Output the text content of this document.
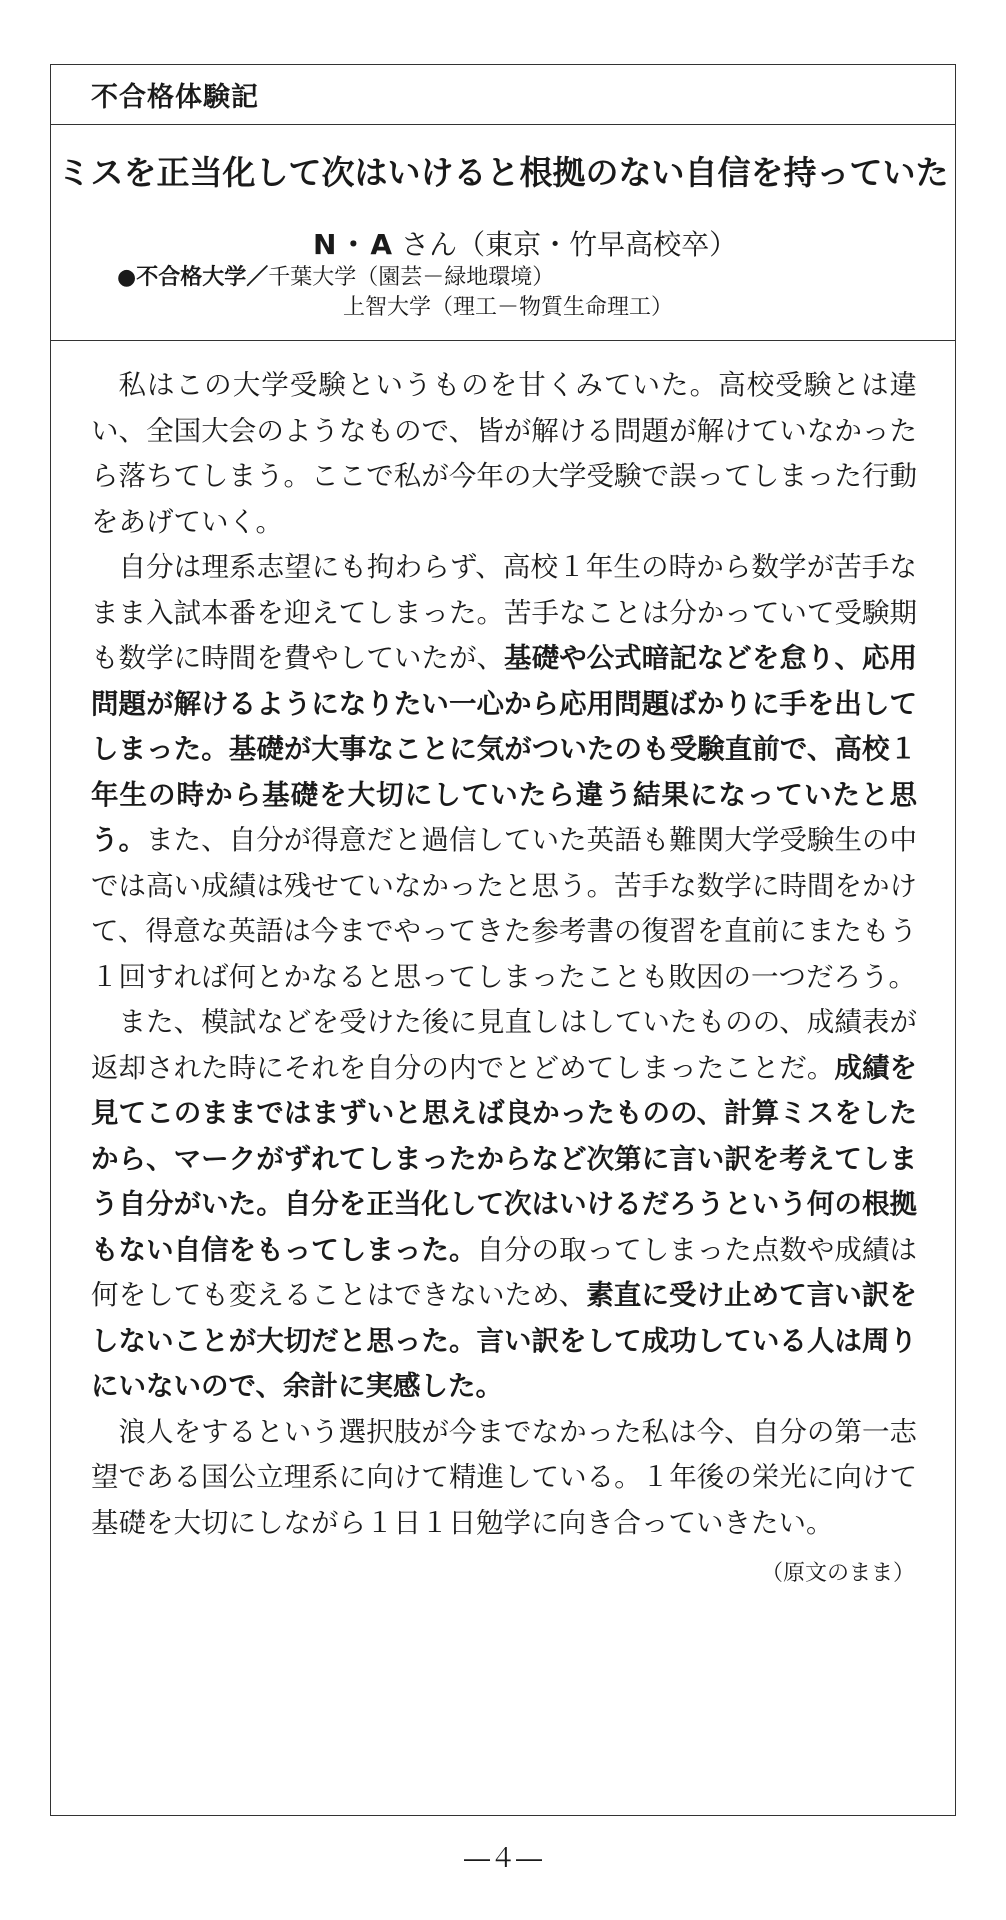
不合格体験記
ミスを正当化して次はいけると根拠のない自信を持っていた
N・A さん（東京・竹早高校卒）
●不合格大学／千葉大学（園芸－緑地環境）
上智大学（理工－物質生命理工）

私はこの大学受験というものを甘くみていた。高校受験とは違い、全国大会のようなもので、皆が解ける問題が解けていなかったら落ちてしまう。ここで私が今年の大学受験で誤ってしまった行動をあげていく。

自分は理系志望にも拘わらず、高校１年生の時から数学が苦手なまま入試本番を迎えてしまった。苦手なことは分かっていて受験期も数学に時間を費やしていたが、基礎や公式暗記などを怠り、応用問題が解けるようになりたい一心から応用問題ばかりに手を出してしまった。基礎が大事なことに気がついたのも受験直前で、高校１年生の時から基礎を大切にしていたら違う結果になっていたと思う。また、自分が得意だと過信していた英語も難関大学受験生の中では高い成績は残せていなかったと思う。苦手な数学に時間をかけて、得意な英語は今までやってきた参考書の復習を直前にまたもう１回すれば何とかなると思ってしまったことも敗因の一つだろう。

また、模試などを受けた後に見直しはしていたものの、成績表が返却された時にそれを自分の内でとどめてしまったことだ。成績を見てこのままではまずいと思えば良かったものの、計算ミスをしたから、マークがずれてしまったからなど次第に言い訳を考えてしまう自分がいた。自分を正当化して次はいけるだろうという何の根拠もない自信をもってしまった。自分の取ってしまった点数や成績は何をしても変えることはできないため、素直に受け止めて言い訳をしないことが大切だと思った。言い訳をして成功している人は周りにいないので、余計に実感した。

浪人をするという選択肢が今までなかった私は今、自分の第一志望である国公立理系に向けて精進している。１年後の栄光に向けて基礎を大切にしながら１日１日勉学に向き合っていきたい。

（原文のまま）
―４―
